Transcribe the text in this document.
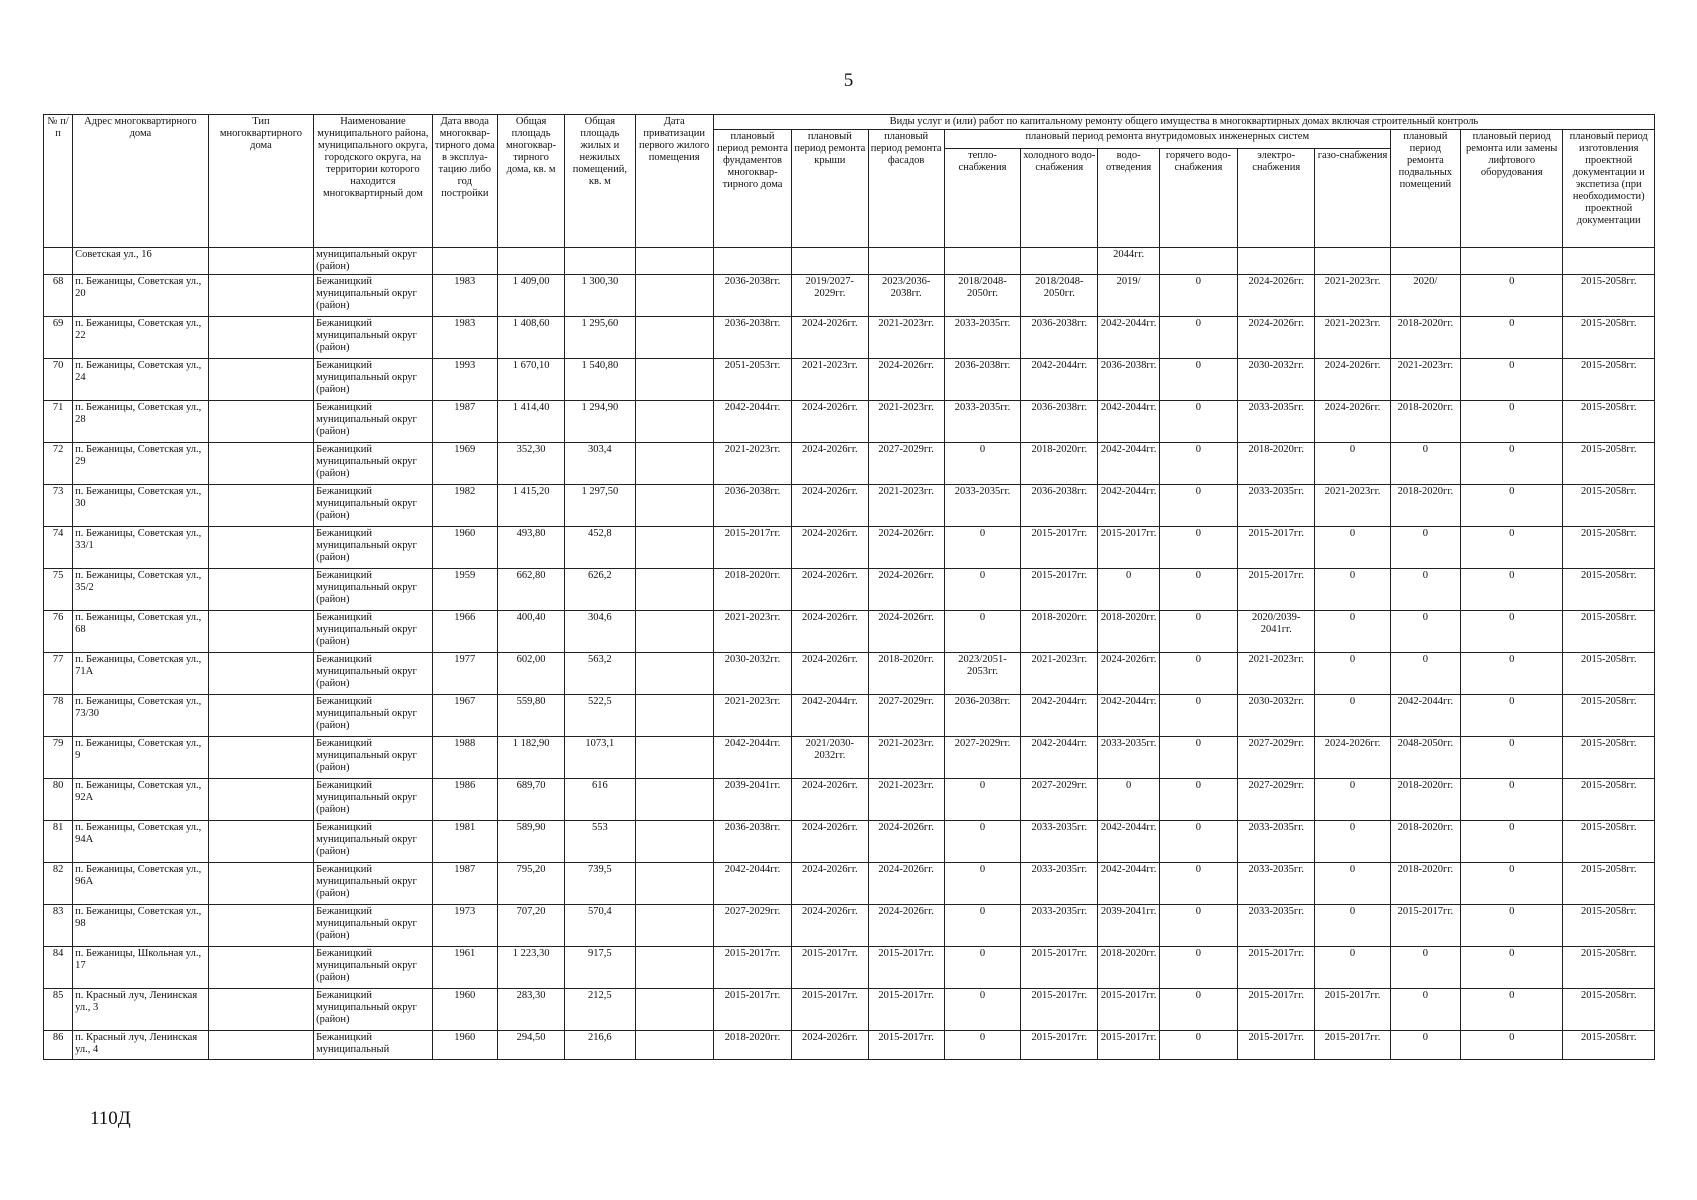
5
№ п/п	Адрес многоквартирного дома	Тип многоквартирного дома	Наименование муниципального района, муниципального округа, городского округа, на территории которого находится многоквартирный дом	Дата ввода многоквар-тирного дома в эксплуа-тацию либо год постройки	Общая площадь многоквар-тирного дома, кв. м	Общая площадь жилых и нежилых помещений, кв. м	Дата приватизации первого жилого помещения	Виды услуг и (или) работ по капитальному ремонту общего имущества в многоквартирных домах включая строительный контроль											
								плановый период ремонта фундаментов многоквар-тирного дома	плановый период ремонта крыши	плановый период ремонта фасадов	плановый период ремонта внутридомовых инженерных систем						плановый период ремонта подвальных помещений	плановый период ремонта или замены лифтового оборудования	плановый период изготовления проектной документации и экспетиза (при необходимости) проектной документации
											тепло-снабжения	холодного водо-снабжения	водо-отведения	горячего водо-снабжения	электро-снабжения	газо-снабжения			
	Советская ул., 16		муниципальный округ (район)										2044гг.						
68	п. Бежаницы, Советская ул., 20		Бежаницкий муниципальный округ (район)	1983	1 409,00	1 300,30		2036-2038гг.	2019/2027-2029гг.	2023/2036-2038гг.	2018/2048-2050гг.	2018/2048-2050гг.	2019/	0	2024-2026гг.	2021-2023гг.	2020/	0	2015-2058гг.
69	п. Бежаницы, Советская ул., 22		Бежаницкий муниципальный округ (район)	1983	1 408,60	1 295,60		2036-2038гг.	2024-2026гг.	2021-2023гг.	2033-2035гг.	2036-2038гг.	2042-2044гг.	0	2024-2026гг.	2021-2023гг.	2018-2020гг.	0	2015-2058гг.
70	п. Бежаницы, Советская ул., 24		Бежаницкий муниципальный округ (район)	1993	1 670,10	1 540,80		2051-2053гг.	2021-2023гг.	2024-2026гг.	2036-2038гг.	2042-2044гг.	2036-2038гг.	0	2030-2032гг.	2024-2026гг.	2021-2023гг.	0	2015-2058гг.
71	п. Бежаницы, Советская ул., 28		Бежаницкий муниципальный округ (район)	1987	1 414,40	1 294,90		2042-2044гг.	2024-2026гг.	2021-2023гг.	2033-2035гг.	2036-2038гг.	2042-2044гг.	0	2033-2035гг.	2024-2026гг.	2018-2020гг.	0	2015-2058гг.
72	п. Бежаницы, Советская ул., 29		Бежаницкий муниципальный округ (район)	1969	352,30	303,4		2021-2023гг.	2024-2026гг.	2027-2029гг.	0	2018-2020гг.	2042-2044гг.	0	2018-2020гг.	0	0	0	2015-2058гг.
73	п. Бежаницы, Советская ул., 30		Бежаницкий муниципальный округ (район)	1982	1 415,20	1 297,50		2036-2038гг.	2024-2026гг.	2021-2023гг.	2033-2035гг.	2036-2038гг.	2042-2044гг.	0	2033-2035гг.	2021-2023гг.	2018-2020гг.	0	2015-2058гг.
74	п. Бежаницы, Советская ул., 33/1		Бежаницкий муниципальный округ (район)	1960	493,80	452,8		2015-2017гг.	2024-2026гг.	2024-2026гг.	0	2015-2017гг.	2015-2017гг.	0	2015-2017гг.	0	0	0	2015-2058гг.
75	п. Бежаницы, Советская ул., 35/2		Бежаницкий муниципальный округ (район)	1959	662,80	626,2		2018-2020гг.	2024-2026гг.	2024-2026гг.	0	2015-2017гг.	0	0	2015-2017гг.	0	0	0	2015-2058гг.
76	п. Бежаницы, Советская ул., 68		Бежаницкий муниципальный округ (район)	1966	400,40	304,6		2021-2023гг.	2024-2026гг.	2024-2026гг.	0	2018-2020гг.	2018-2020гг.	0	2020/2039-2041гг.	0	0	0	2015-2058гг.
77	п. Бежаницы, Советская ул., 71А		Бежаницкий муниципальный округ (район)	1977	602,00	563,2		2030-2032гг.	2024-2026гг.	2018-2020гг.	2023/2051-2053гг.	2021-2023гг.	2024-2026гг.	0	2021-2023гг.	0	0	0	2015-2058гг.
78	п. Бежаницы, Советская ул., 73/30		Бежаницкий муниципальный округ (район)	1967	559,80	522,5		2021-2023гг.	2042-2044гг.	2027-2029гг.	2036-2038гг.	2042-2044гг.	2042-2044гг.	0	2030-2032гг.	0	2042-2044гг.	0	2015-2058гг.
79	п. Бежаницы, Советская ул., 9		Бежаницкий муниципальный округ (район)	1988	1 182,90	1073,1		2042-2044гг.	2021/2030-2032гг.	2021-2023гг.	2027-2029гг.	2042-2044гг.	2033-2035гг.	0	2027-2029гг.	2024-2026гг.	2048-2050гг.	0	2015-2058гг.
80	п. Бежаницы, Советская ул., 92А		Бежаницкий муниципальный округ (район)	1986	689,70	616		2039-2041гг.	2024-2026гг.	2021-2023гг.	0	2027-2029гг.	0	0	2027-2029гг.	0	2018-2020гг.	0	2015-2058гг.
81	п. Бежаницы, Советская ул., 94А		Бежаницкий муниципальный округ (район)	1981	589,90	553		2036-2038гг.	2024-2026гг.	2024-2026гг.	0	2033-2035гг.	2042-2044гг.	0	2033-2035гг.	0	2018-2020гг.	0	2015-2058гг.
82	п. Бежаницы, Советская ул., 96А		Бежаницкий муниципальный округ (район)	1987	795,20	739,5		2042-2044гг.	2024-2026гг.	2024-2026гг.	0	2033-2035гг.	2042-2044гг.	0	2033-2035гг.	0	2018-2020гг.	0	2015-2058гг.
83	п. Бежаницы, Советская ул., 98		Бежаницкий муниципальный округ (район)	1973	707,20	570,4		2027-2029гг.	2024-2026гг.	2024-2026гг.	0	2033-2035гг.	2039-2041гг.	0	2033-2035гг.	0	2015-2017гг.	0	2015-2058гг.
84	п. Бежаницы, Школьная ул., 17		Бежаницкий муниципальный округ (район)	1961	1 223,30	917,5		2015-2017гг.	2015-2017гг.	2015-2017гг.	0	2015-2017гг.	2018-2020гг.	0	2015-2017гг.	0	0	0	2015-2058гг.
85	п. Красный луч, Ленинская ул., 3		Бежаницкий муниципальный округ (район)	1960	283,30	212,5		2015-2017гг.	2015-2017гг.	2015-2017гг.	0	2015-2017гг.	2015-2017гг.	0	2015-2017гг.	2015-2017гг.	0	0	2015-2058гг.
86	п. Красный луч, Ленинская ул., 4		Бежаницкий муниципальный	1960	294,50	216,6		2018-2020гг.	2024-2026гг.	2015-2017гг.	0	2015-2017гг.	2015-2017гг.	0	2015-2017гг.	2015-2017гг.	0	0	2015-2058гг.
110Д
